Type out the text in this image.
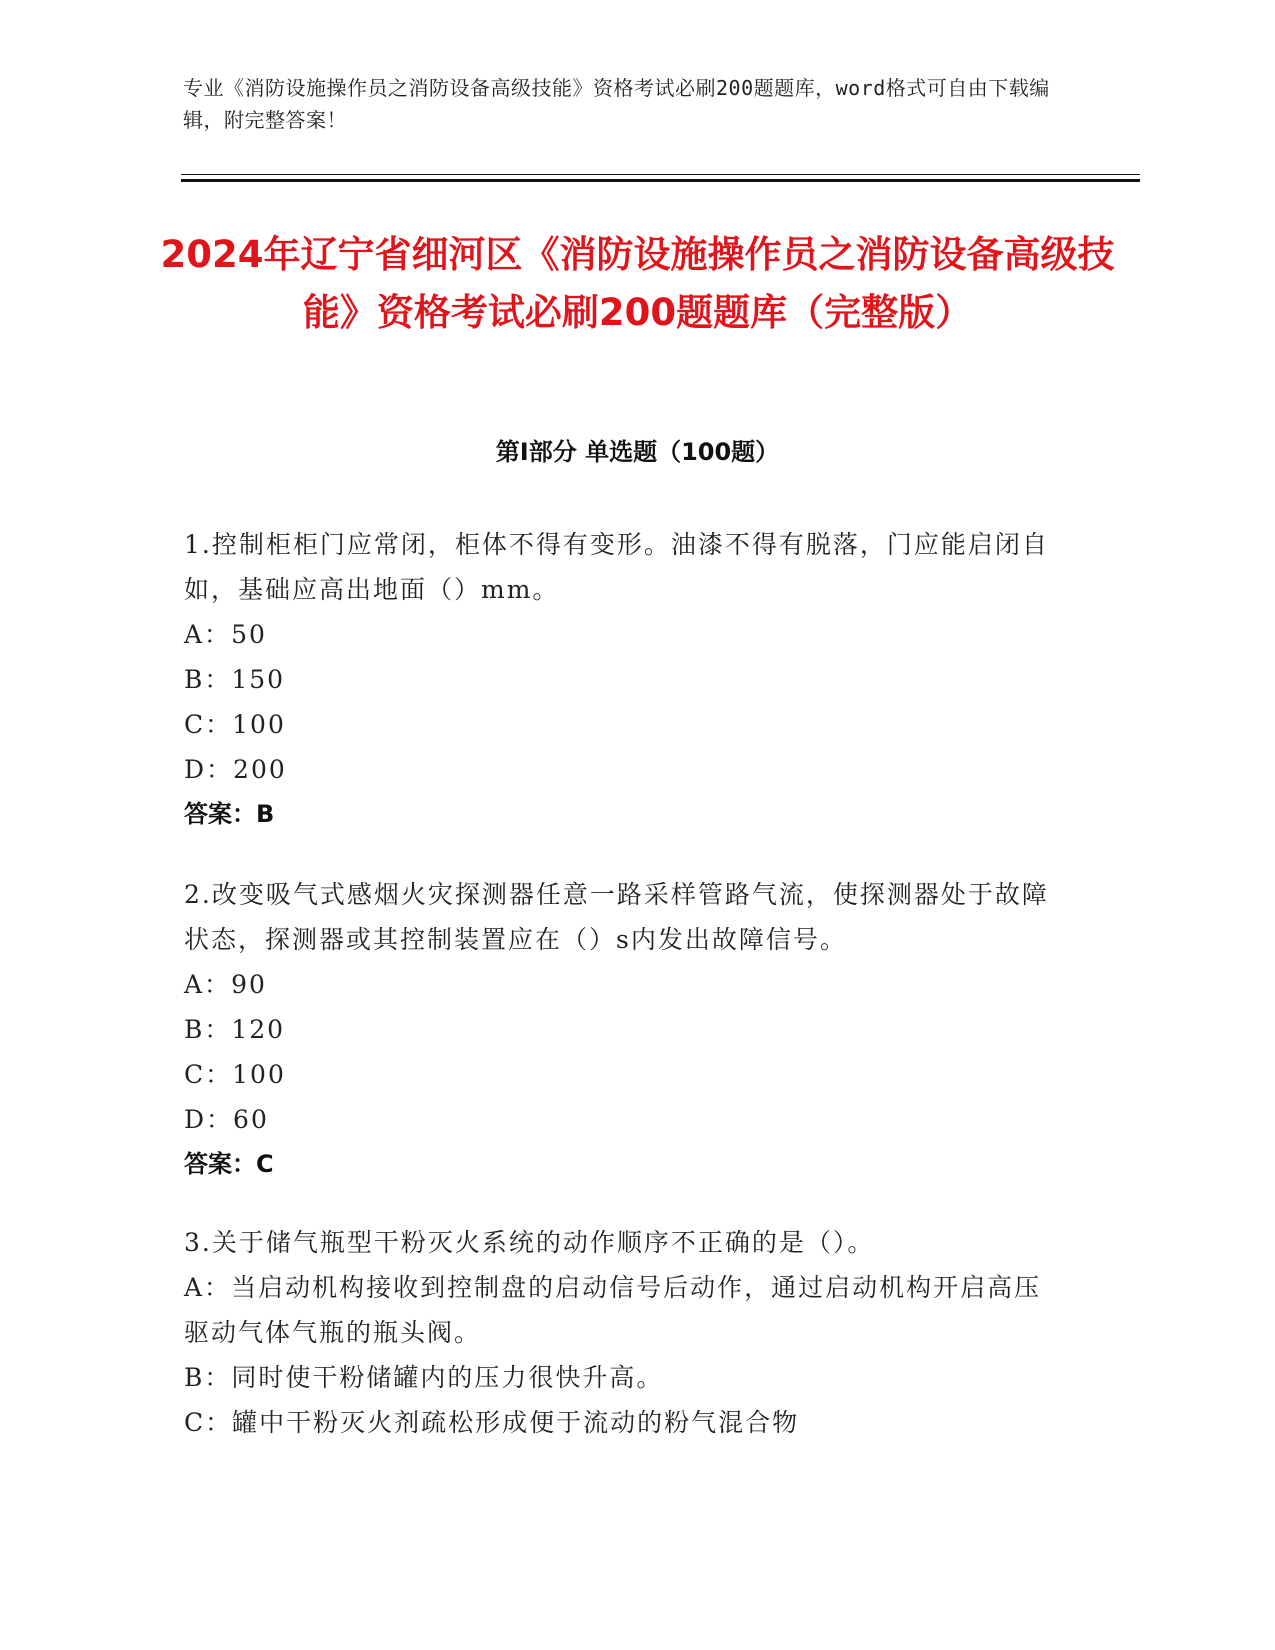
专业《消防设施操作员之消防设备高级技能》资格考试必刷200题题库，word格式可自由下载编辑，附完整答案！
2024年辽宁省细河区《消防设施操作员之消防设备高级技能》资格考试必刷200题题库（完整版）
第Ⅰ部分 单选题（100题）
1.控制柜柜门应常闭，柜体不得有变形。油漆不得有脱落，门应能启闭自如，基础应高出地面（）mm。
A：50
B：150
C：100
D：200
答案：B
2.改变吸气式感烟火灾探测器任意一路采样管路气流，使探测器处于故障状态，探测器或其控制装置应在（）s内发出故障信号。
A：90
B：120
C：100
D：60
答案：C
3.关于储气瓶型干粉灭火系统的动作顺序不正确的是（）。
A：当启动机构接收到控制盘的启动信号后动作，通过启动机构开启高压驱动气体气瓶的瓶头阀。
B：同时使干粉储罐内的压力很快升高。
C：罐中干粉灭火剂疏松形成便于流动的粉气混合物
